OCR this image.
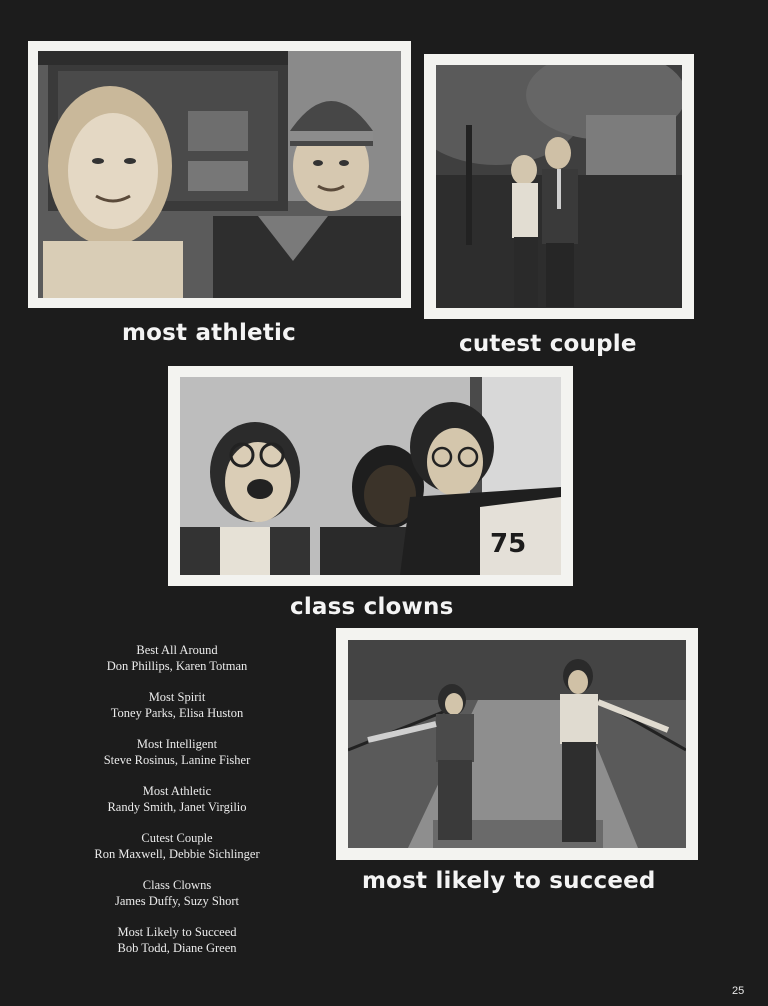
most athletic	cutest couple
75
class clowns
Best All Around
Don Phillips, Karen Totman
Most Spirit
Toney Parks, Elisa Huston
Most Intelligent
Steve Rosinus, Lanine Fisher
Most Athletic
Randy Smith, Janet Virgilio
Cutest Couple
Ron Maxwell, Debbie Sichlinger
Class Clowns
James Duffy, Suzy Short
Most Likely to Succeed
Bob Todd, Diane Green
most likely to succeed
25
